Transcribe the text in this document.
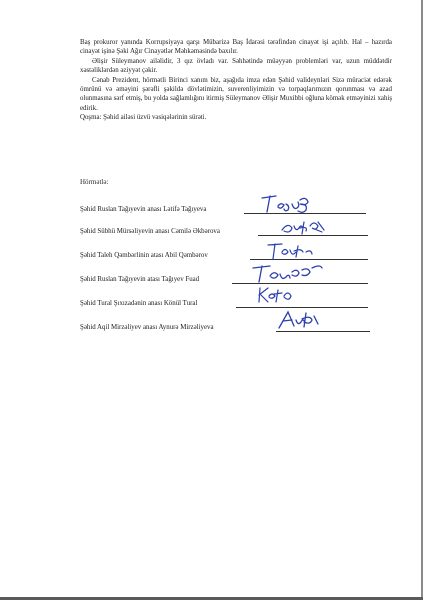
Baş prokuror yanında Korrupsiyaya qarşı Mübarizə Baş İdarəsi tərəfindən cinayət işi açılıb. Hal – hazırda cinayət işinə Şəki Ağır Cinayətlər Məhkəməsində baxılır.

Əlişir Süleymanov ailəlidir, 3 qız övladı var. Səhhətində müəyyən problemləri var, uzun müddətdir xəstəliklərdən əziyyət çəkir.

Cənab Prezident, hörmətli Birinci xanım biz, aşağıda imza edən Şəhid valideynləri Sizə müraciət edərək ömrünü və əməyini şərəfli şəkildə dövlətimizin, suverenliyimizin və torpaqlarımızın qorunması və azad olunmasına sərf etmiş, bu yolda sağlamlığını itirmiş Süleymanov Əlişir Muxibbi oğluna kömək etməyinizi xahiş edirik.

Qoşma: Şəhid ailəsi üzvü vəsiqələrinin sürəti.

Hörmətlə:
Şəhid Ruslan Tağıyevin anası Lətifə Tağıyeva
Şəhid Sübhü Mürsəliyevin anası Cəmilə Əkbərova
Şəhid Taleh Qəmbərlinin atası Abil Qəmbərov
Şəhid Ruslan Tağıyevin atası Tağıyev Fuad
Şəhid Tural Şıxızadənin anası Könül Tural
Şəhid Aqil Mirzəliyev anası Aynurə Mirzəliyeva
